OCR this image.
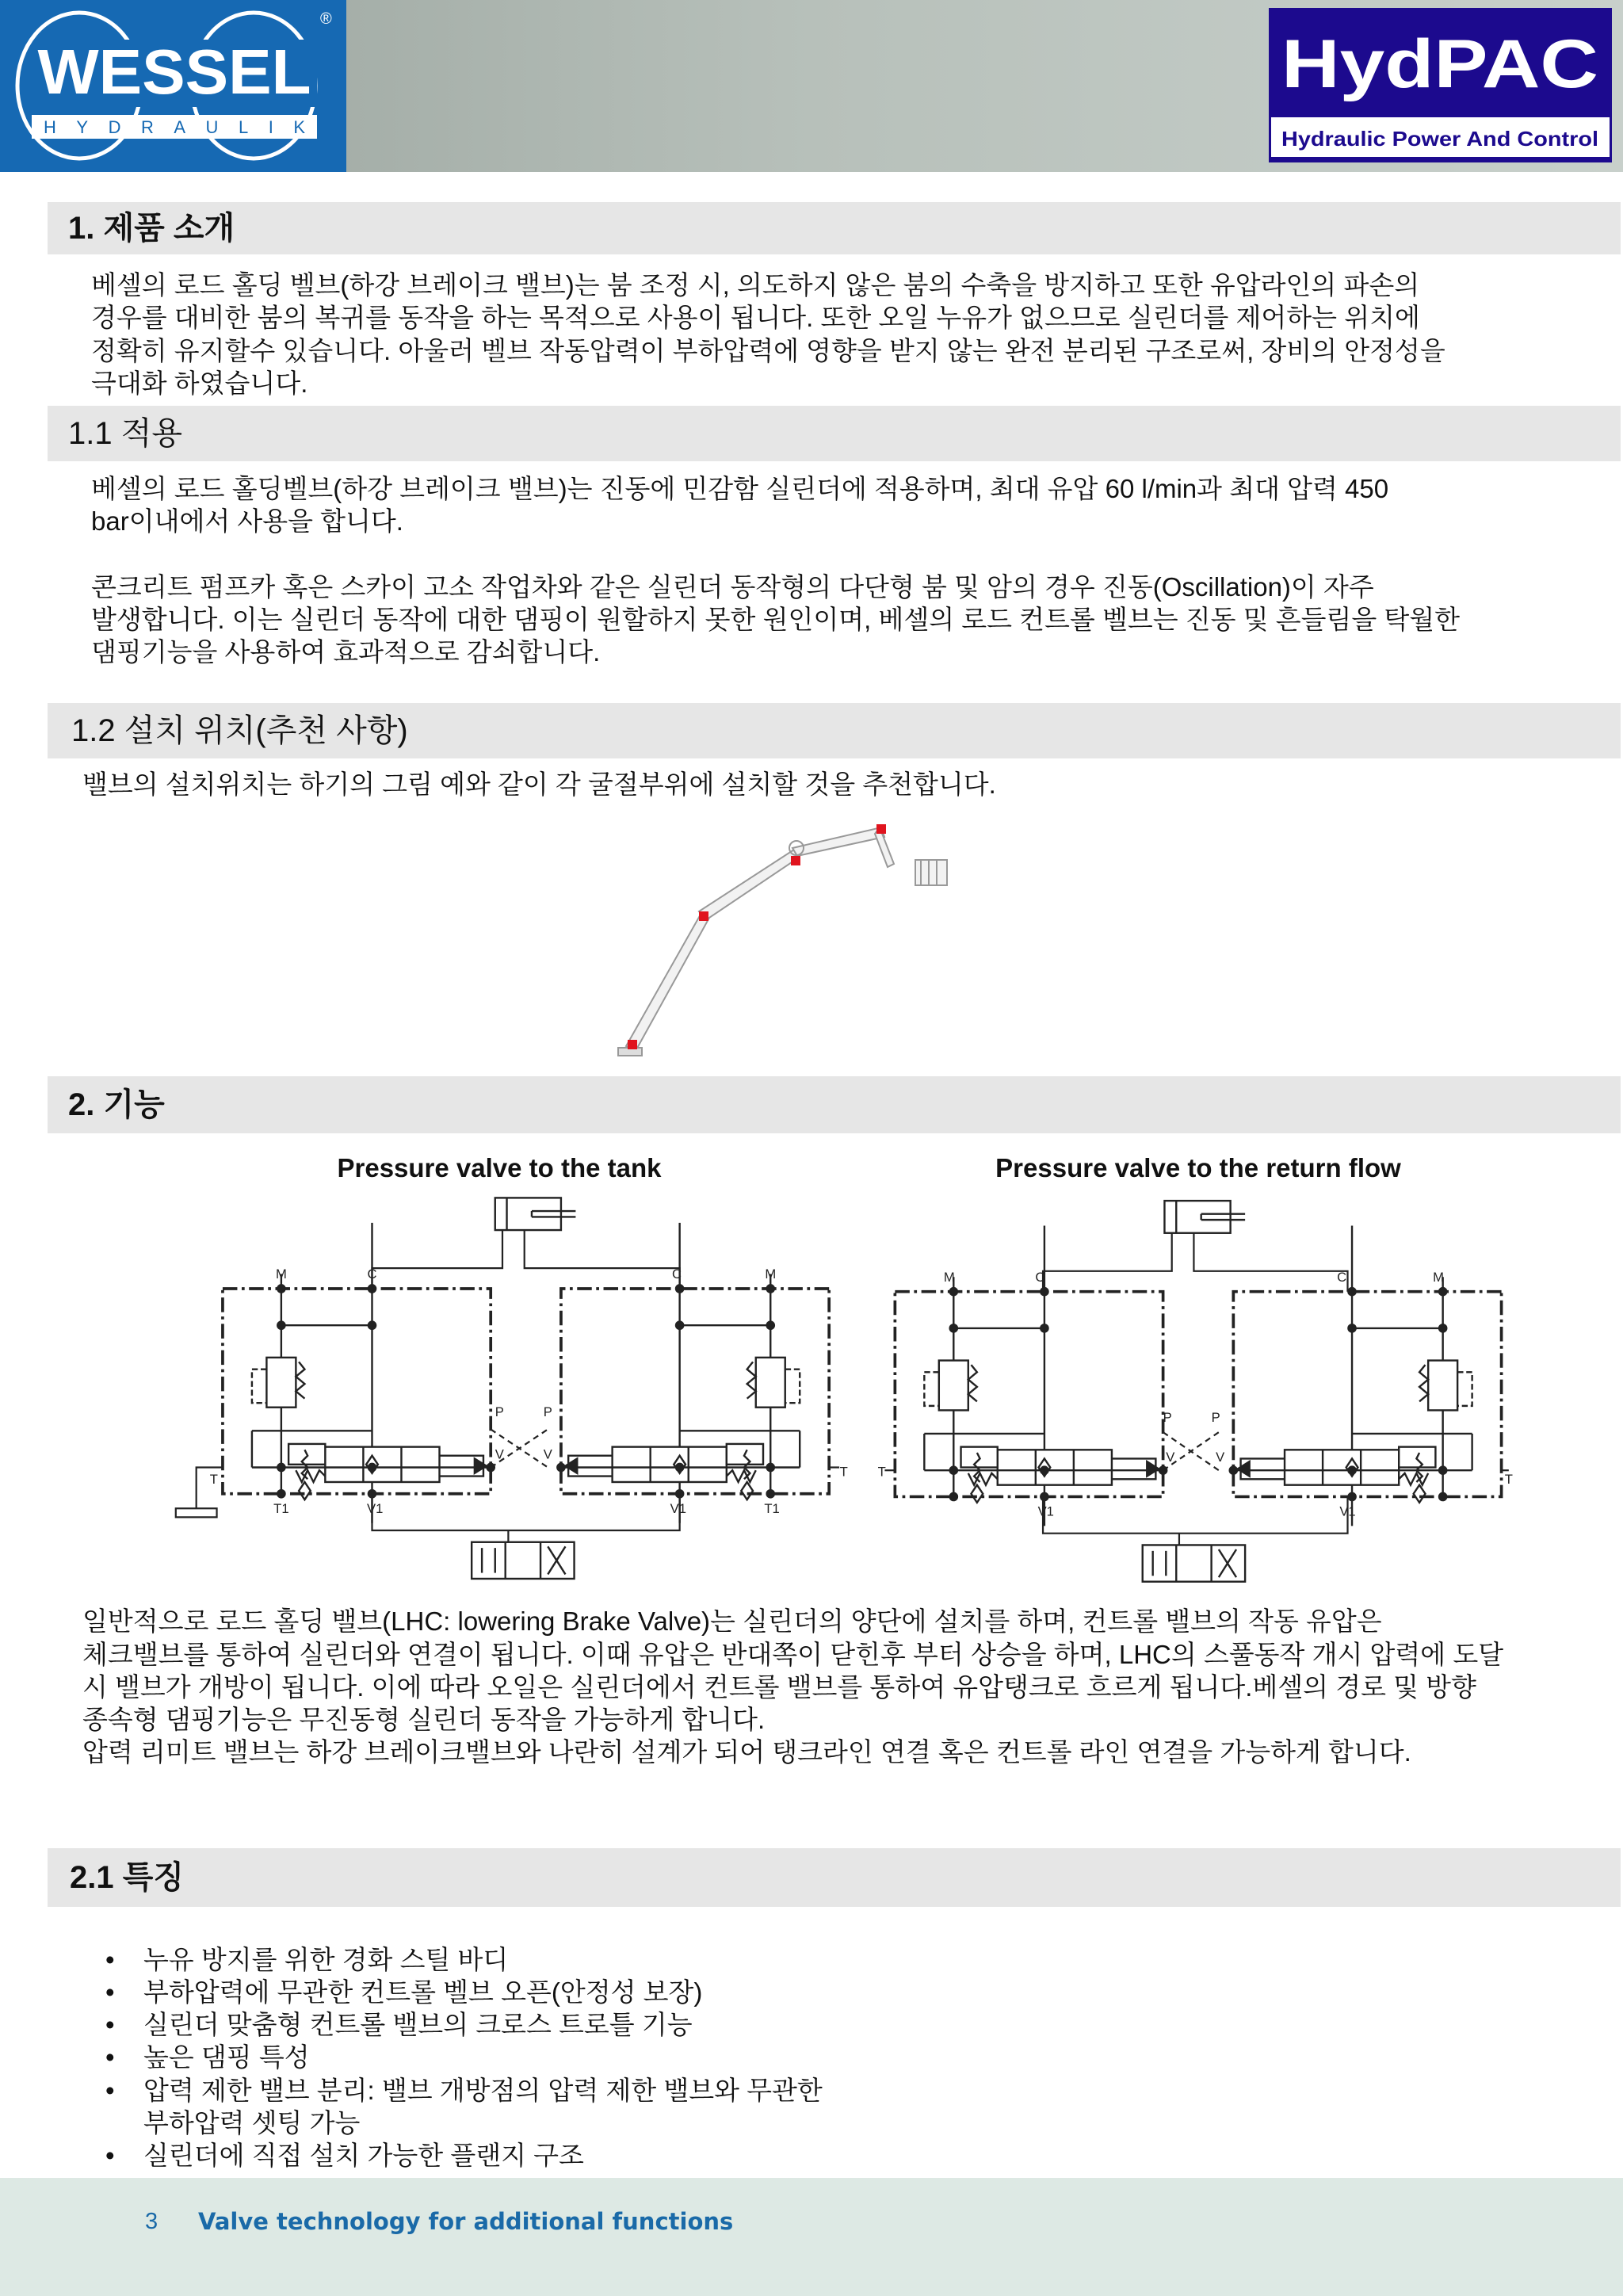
WESSEL
HYDRAULIK
®
HydPAC
Hydraulic Power And Control
1. 제품 소개
베셀의 로드 홀딩 벨브(하강 브레이크 밸브)는 붐 조정 시, 의도하지 않은 붐의 수축을 방지하고 또한 유압라인의 파손의
경우를 대비한 붐의 복귀를 동작을 하는 목적으로 사용이 됩니다. 또한 오일 누유가 없으므로 실린더를 제어하는 위치에
정확히 유지할수 있습니다. 아울러 벨브 작동압력이 부하압력에 영향을 받지 않는 완전 분리된 구조로써, 장비의 안정성을
극대화 하였습니다.
1.1 적용
베셀의 로드 홀딩벨브(하강 브레이크 밸브)는 진동에 민감함 실린더에 적용하며, 최대 유압 60 l/min과 최대 압력 450
bar이내에서 사용을 합니다.
콘크리트 펌프카 혹은 스카이 고소 작업차와 같은 실린더 동작형의 다단형 붐 및 암의 경우 진동(Oscillation)이 자주
발생합니다. 이는 실린더 동작에 대한 댐핑이 원할하지 못한 원인이며, 베셀의 로드 컨트롤 벨브는 진동 및 흔들림을 탁월한
댐핑기능을 사용하여 효과적으로 감쇠합니다.
1.2 설치 위치(추천 사항)
밸브의 설치위치는 하기의 그림 예와 같이 각 굴절부위에 설치할 것을 추천합니다.
2. 기능
Pressure valve to the tank	Pressure valve to the return flow
M	C	C	M
P	P
V	V
T	T
T1	V1	V1	T1
M	C	C	M
P	P
V	V
T	T
V1	V1
일반적으로 로드 홀딩 밸브(LHC: lowering Brake Valve)는 실린더의 양단에 설치를 하며, 컨트롤 밸브의 작동 유압은
체크밸브를 통하여 실린더와 연결이 됩니다. 이때 유압은 반대쪽이 닫힌후 부터 상승을 하며, LHC의 스풀동작 개시 압력에 도달
시 밸브가 개방이 됩니다. 이에 따라 오일은 실린더에서 컨트롤 밸브를 통하여 유압탱크로 흐르게 됩니다.베셀의 경로 및 방향
종속형 댐핑기능은 무진동형 실린더 동작을 가능하게 합니다.
압력 리미트 밸브는 하강 브레이크밸브와 나란히 설계가 되어 탱크라인 연결 혹은 컨트롤 라인 연결을 가능하게 합니다.
2.1 특징
• 누유 방지를 위한 경화 스틸 바디
• 부하압력에 무관한 컨트롤 벨브 오픈(안정성 보장)
• 실린더 맞춤형 컨트롤 밸브의 크로스 트로틀 기능
• 높은 댐핑 특성
• 압력 제한 밸브 분리: 밸브 개방점의 압력 제한 밸브와 무관한
부하압력 셋팅 가능
• 실린더에 직접 설치 가능한 플랜지 구조
3 Valve technology for additional functions
